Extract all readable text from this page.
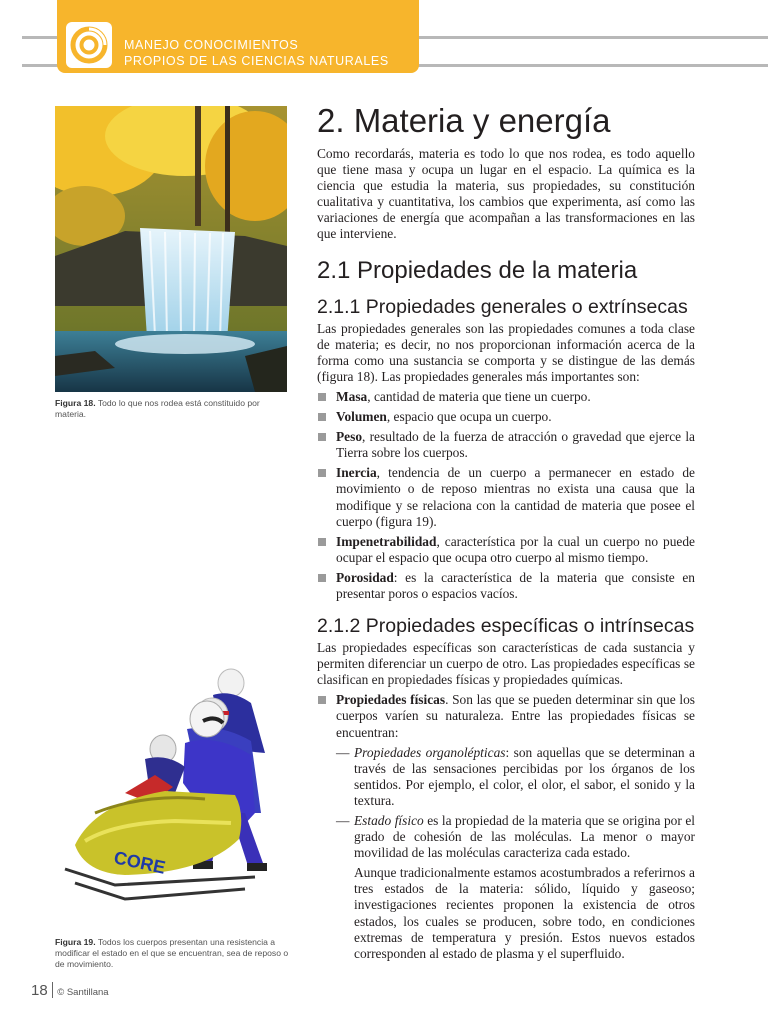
MANEJO CONOCIMIENTOS
PROPIOS DE LAS CIENCIAS NATURALES
Figura 18. Todo lo que nos rodea está constituido por materia.
CORE
Figura 19. Todos los cuerpos presentan una resistencia a modificar el estado en el que se encuentran, sea de reposo o de movimiento.
2. Materia y energía

Como recordarás, materia es todo lo que nos rodea, es todo aquello que tiene masa y ocupa un lugar en el espacio. La química es la ciencia que estudia la materia, sus propiedades, su constitución cualitativa y cuantitativa, los cambios que experimenta, así como las variaciones de energía que acompañan a las transformaciones en las que interviene.

2.1 Propiedades de la materia
2.1.1 Propiedades generales o extrínsecas

Las propiedades generales son las propiedades comunes a toda clase de materia; es decir, no nos proporcionan información acerca de la forma como una sustancia se comporta y se distingue de las demás (figura 18). Las propiedades generales más importantes son:

Masa, cantidad de materia que tiene un cuerpo.
Volumen, espacio que ocupa un cuerpo.
Peso, resultado de la fuerza de atracción o gravedad que ejerce la Tierra sobre los cuerpos.
Inercia, tendencia de un cuerpo a permanecer en estado de movimiento o de reposo mientras no exista una causa que la modifique y se relaciona con la cantidad de materia que posee el cuerpo (figura 19).
Impenetrabilidad, característica por la cual un cuerpo no puede ocupar el espacio que ocupa otro cuerpo al mismo tiempo.
Porosidad: es la característica de la materia que consiste en presentar poros o espacios vacíos.
2.1.2 Propiedades específicas o intrínsecas

Las propiedades específicas son características de cada sustancia y permiten diferenciar un cuerpo de otro. Las propiedades específicas se clasifican en propiedades físicas y propiedades químicas.

Propiedades físicas. Son las que se pueden determinar sin que los cuerpos varíen su naturaleza. Entre las propiedades físicas se encuentran:
— Propiedades organolépticas: son aquellas que se determinan a través de las sensaciones percibidas por los órganos de los sentidos. Por ejemplo, el color, el olor, el sabor, el sonido y la textura.
— Estado físico es la propiedad de la materia que se origina por el grado de cohesión de las moléculas. La menor o mayor movilidad de las moléculas caracteriza cada estado.

Aunque tradicionalmente estamos acostumbrados a referirnos a tres estados de la materia: sólido, líquido y gaseoso; investigaciones recientes proponen la existencia de otros estados, los cuales se producen, sobre todo, en condiciones extremas de temperatura y presión. Estos nuevos estados corresponden al estado de plasma y el superfluido.

18 © Santillana
